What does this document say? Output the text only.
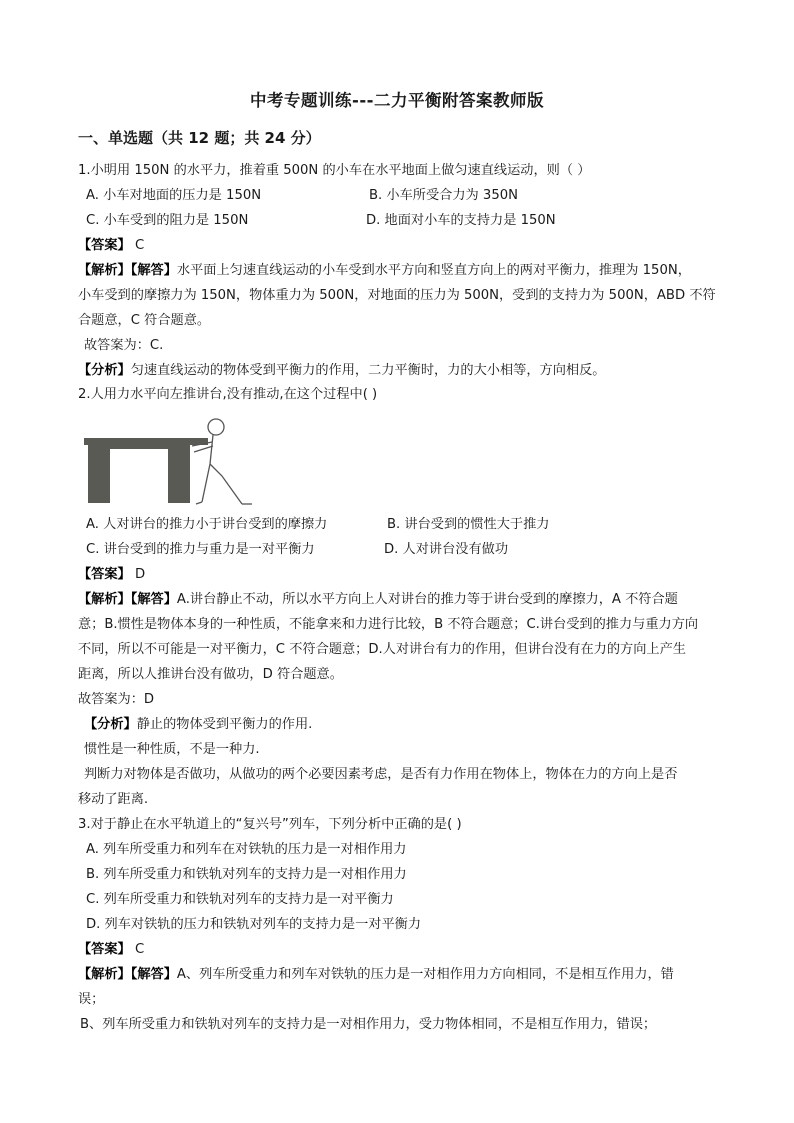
中考专题训练---二力平衡附答案教师版
一、单选题（共 12 题；共 24 分）
1.小明用 150N 的水平力，推着重 500N 的小车在水平地面上做匀速直线运动，则（ ）
A. 小车对地面的压力是 150N	B. 小车所受合力为 350N
C. 小车受到的阻力是 150N	D. 地面对小车的支持力是 150N
【答案】 C
【解析】【解答】水平面上匀速直线运动的小车受到水平方向和竖直方向上的两对平衡力，推理为 150N，
小车受到的摩擦力为 150N，物体重力为 500N，对地面的压力为 500N，受到的支持力为 500N，ABD 不符
合题意，C 符合题意。
故答案为：C.
【分析】匀速直线运动的物体受到平衡力的作用，二力平衡时，力的大小相等，方向相反。
2.人用力水平向左推讲台,没有推动,在这个过程中( )
A. 人对讲台的推力小于讲台受到的摩擦力	B. 讲台受到的惯性大于推力
C. 讲台受到的推力与重力是一对平衡力	D. 人对讲台没有做功
【答案】 D
【解析】【解答】A.讲台静止不动，所以水平方向上人对讲台的推力等于讲台受到的摩擦力，A 不符合题
意；B.惯性是物体本身的一种性质，不能拿来和力进行比较，B 不符合题意；C.讲台受到的推力与重力方向
不同，所以不可能是一对平衡力，C 不符合题意；D.人对讲台有力的作用，但讲台没有在力的方向上产生
距离，所以人推讲台没有做功，D 符合题意。
故答案为：D
【分析】静止的物体受到平衡力的作用.
惯性是一种性质，不是一种力.
判断力对物体是否做功，从做功的两个必要因素考虑，是否有力作用在物体上，物体在力的方向上是否
移动了距离.
3.对于静止在水平轨道上的“复兴号”列车，下列分析中正确的是( )
A. 列车所受重力和列车在对铁轨的压力是一对相作用力
B. 列车所受重力和铁轨对列车的支持力是一对相作用力
C. 列车所受重力和铁轨对列车的支持力是一对平衡力
D. 列车对铁轨的压力和铁轨对列车的支持力是一对平衡力
【答案】 C
【解析】【解答】A、列车所受重力和列车对铁轨的压力是一对相作用力方向相同，不是相互作用力，错
误；
B、列车所受重力和铁轨对列车的支持力是一对相作用力，受力物体相同，不是相互作用力，错误；
